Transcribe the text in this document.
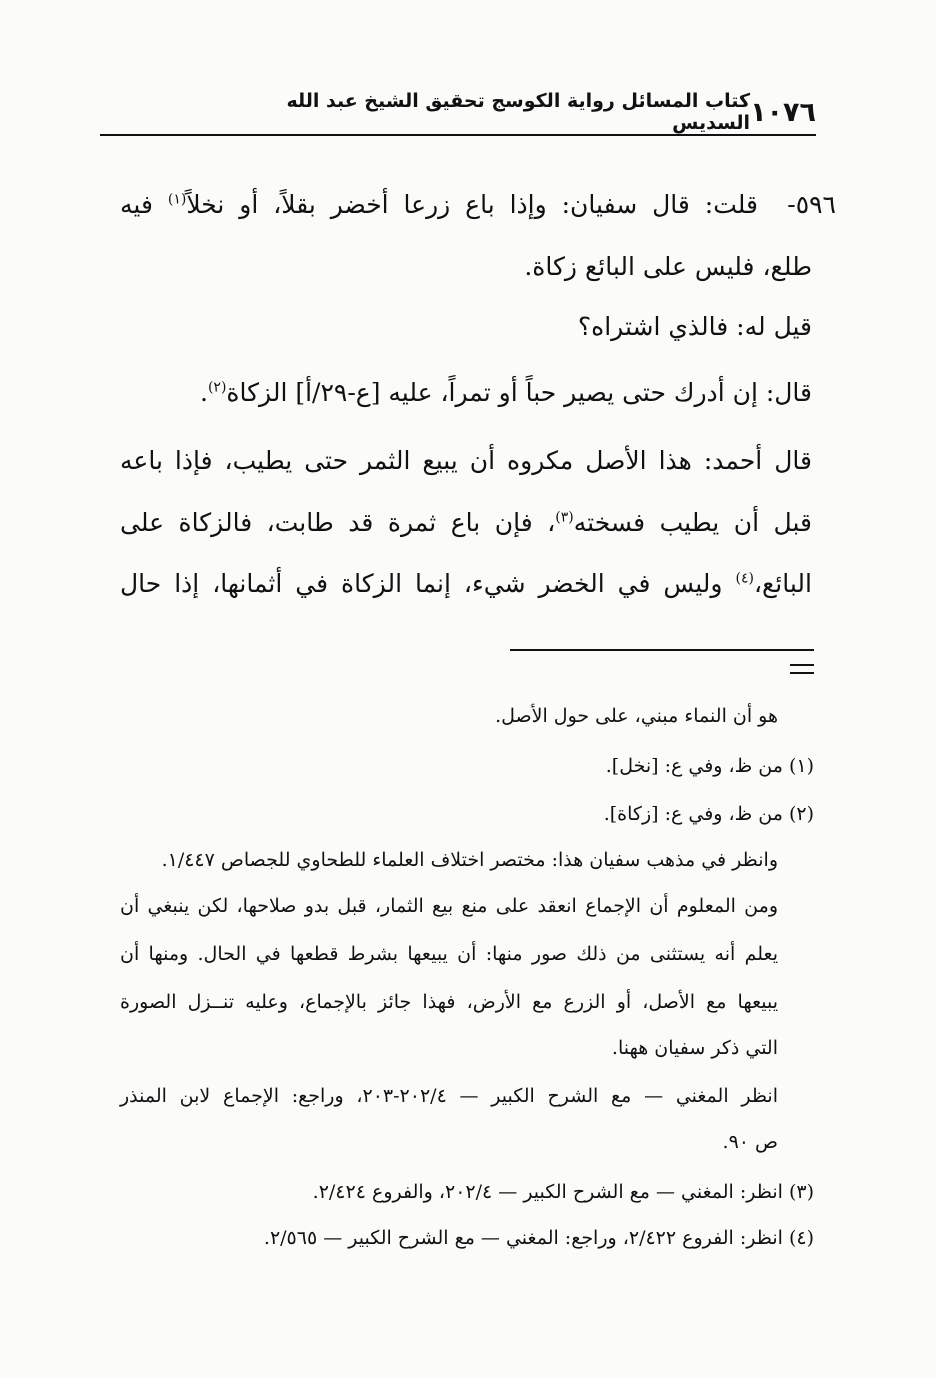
١٠٧٦
كتاب المسائل رواية الكوسج تحقيق الشيخ عبد الله السديس
٥٩٦-
قلت: قال سفيان: وإذا باع زرعا أخضر بقلاً، أو نخلاً$^{(١)}$ فيه
طلع، فليس على البائع زكاة.
قيل له: فالذي اشتراه؟
قال: إن أدرك حتى يصير حباً أو تمراً، عليه [ع-٢٩/أ] الزكاة$^{(٢)}$.
قال أحمد: هذا الأصل مكروه أن يبيع الثمر حتى يطيب، فإذا باعه
قبل أن يطيب فسخته$^{(٣)}$، فإن باع ثمرة قد طابت، فالزكاة على
البائع،$^{(٤)}$ وليس في الخضر شيء، إنما الزكاة في أثمانها، إذا حال
هو أن النماء مبني، على حول الأصل.
(١) من ظ، وفي ع: [نخل].
(٢) من ظ، وفي ع: [زكاة].
وانظر في مذهب سفيان هذا: مختصر اختلاف العلماء للطحاوي للجصاص ١/٤٤٧.
ومن المعلوم أن الإجماع انعقد على منع بيع الثمار، قبل بدو صلاحها، لكن ينبغي أن
يعلم أنه يستثنى من ذلك صور منها: أن يبيعها بشرط قطعها في الحال. ومنها أن
يبيعها مع الأصل، أو الزرع مع الأرض، فهذا جائز بالإجماع، وعليه تنــزل الصورة
التي ذكر سفيان ههنا.
انظر المغني — مع الشرح الكبير — ٢٠٢/٤-٢٠٣، وراجع: الإجماع لابن المنذر
ص ٩٠.
(٣) انظر: المغني — مع الشرح الكبير — ٢٠٢/٤، والفروع ٢/٤٢٤.
(٤) انظر: الفروع ٢/٤٢٢، وراجع: المغني — مع الشرح الكبير — ٢/٥٦٥.
